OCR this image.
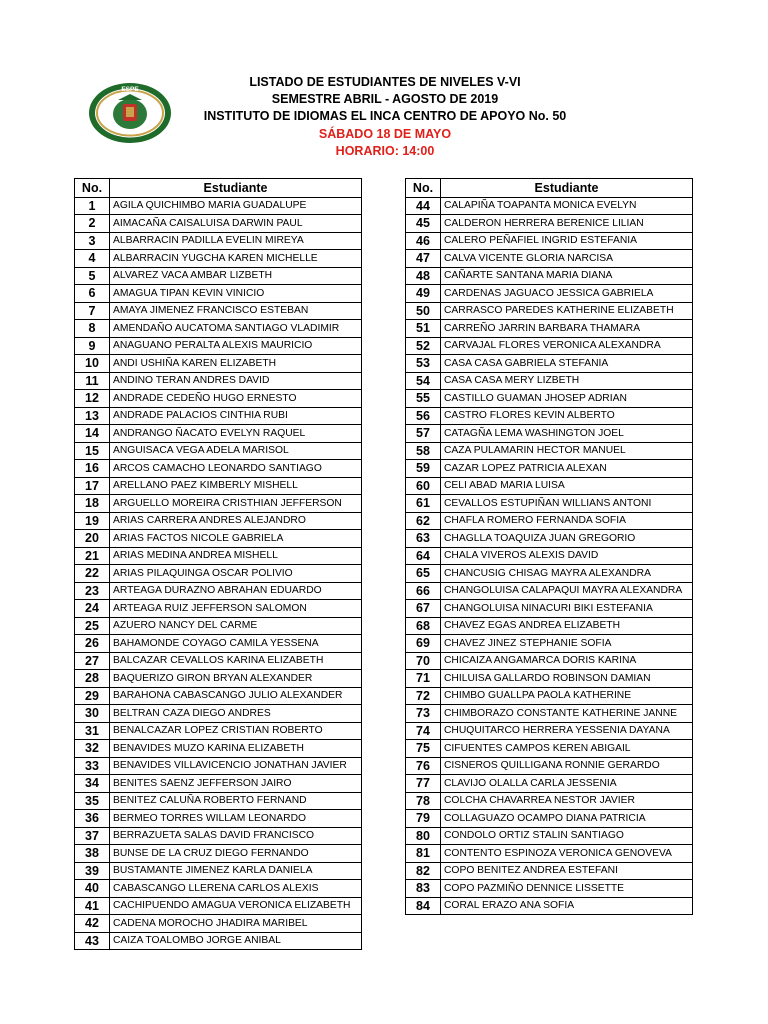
ESPE
LISTADO DE ESTUDIANTES DE NIVELES V-VI
SEMESTRE ABRIL - AGOSTO DE 2019
INSTITUTO DE IDIOMAS EL INCA CENTRO DE APOYO No. 50
SÁBADO 18 DE MAYO
HORARIO: 14:00
No.	Estudiante
1	AGILA QUICHIMBO MARIA GUADALUPE
2	AIMACAÑA CAISALUISA DARWIN PAUL
3	ALBARRACIN PADILLA EVELIN MIREYA
4	ALBARRACIN YUGCHA KAREN MICHELLE
5	ALVAREZ VACA AMBAR LIZBETH
6	AMAGUA TIPAN KEVIN VINICIO
7	AMAYA JIMENEZ FRANCISCO ESTEBAN
8	AMENDAÑO AUCATOMA SANTIAGO VLADIMIR
9	ANAGUANO PERALTA ALEXIS MAURICIO
10	ANDI USHIÑA KAREN ELIZABETH
11	ANDINO TERAN ANDRES DAVID
12	ANDRADE CEDEÑO HUGO ERNESTO
13	ANDRADE PALACIOS CINTHIA RUBI
14	ANDRANGO ÑACATO EVELYN RAQUEL
15	ANGUISACA VEGA ADELA MARISOL
16	ARCOS CAMACHO LEONARDO SANTIAGO
17	ARELLANO PAEZ KIMBERLY MISHELL
18	ARGUELLO MOREIRA CRISTHIAN JEFFERSON
19	ARIAS CARRERA ANDRES ALEJANDRO
20	ARIAS FACTOS NICOLE GABRIELA
21	ARIAS MEDINA ANDREA MISHELL
22	ARIAS PILAQUINGA OSCAR POLIVIO
23	ARTEAGA DURAZNO ABRAHAN EDUARDO
24	ARTEAGA RUIZ JEFFERSON SALOMON
25	AZUERO NANCY DEL CARME
26	BAHAMONDE COYAGO CAMILA YESSENA
27	BALCAZAR CEVALLOS KARINA ELIZABETH
28	BAQUERIZO GIRON BRYAN ALEXANDER
29	BARAHONA CABASCANGO JULIO ALEXANDER
30	BELTRAN CAZA DIEGO ANDRES
31	BENALCAZAR LOPEZ CRISTIAN ROBERTO
32	BENAVIDES MUZO KARINA ELIZABETH
33	BENAVIDES VILLAVICENCIO JONATHAN JAVIER
34	BENITES SAENZ JEFFERSON JAIRO
35	BENITEZ CALUÑA ROBERTO FERNAND
36	BERMEO TORRES WILLAM LEONARDO
37	BERRAZUETA SALAS DAVID FRANCISCO
38	BUNSE DE LA CRUZ DIEGO FERNANDO
39	BUSTAMANTE JIMENEZ KARLA DANIELA
40	CABASCANGO LLERENA CARLOS ALEXIS
41	CACHIPUENDO AMAGUA VERONICA ELIZABETH
42	CADENA MOROCHO JHADIRA MARIBEL
43	CAIZA TOALOMBO JORGE ANIBAL
No.	Estudiante
44	CALAPIÑA TOAPANTA MONICA EVELYN
45	CALDERON HERRERA BERENICE LILIAN
46	CALERO PEÑAFIEL INGRID ESTEFANIA
47	CALVA VICENTE GLORIA NARCISA
48	CAÑARTE SANTANA MARIA DIANA
49	CARDENAS JAGUACO JESSICA GABRIELA
50	CARRASCO PAREDES KATHERINE ELIZABETH
51	CARREÑO JARRIN BARBARA THAMARA
52	CARVAJAL FLORES VERONICA ALEXANDRA
53	CASA CASA GABRIELA STEFANIA
54	CASA CASA MERY LIZBETH
55	CASTILLO GUAMAN JHOSEP ADRIAN
56	CASTRO FLORES KEVIN ALBERTO
57	CATAGÑA LEMA WASHINGTON JOEL
58	CAZA PULAMARIN HECTOR MANUEL
59	CAZAR LOPEZ PATRICIA ALEXAN
60	CELI ABAD MARIA LUISA
61	CEVALLOS ESTUPIÑAN WILLIANS ANTONI
62	CHAFLA ROMERO FERNANDA SOFIA
63	CHAGLLA TOAQUIZA JUAN GREGORIO
64	CHALA VIVEROS ALEXIS DAVID
65	CHANCUSIG CHISAG MAYRA ALEXANDRA
66	CHANGOLUISA CALAPAQUI MAYRA ALEXANDRA
67	CHANGOLUISA NINACURI BIKI ESTEFANIA
68	CHAVEZ EGAS ANDREA ELIZABETH
69	CHAVEZ JINEZ STEPHANIE SOFIA
70	CHICAIZA ANGAMARCA DORIS KARINA
71	CHILUISA GALLARDO ROBINSON DAMIAN
72	CHIMBO GUALLPA PAOLA KATHERINE
73	CHIMBORAZO CONSTANTE KATHERINE JANNE
74	CHUQUITARCO HERRERA YESSENIA DAYANA
75	CIFUENTES CAMPOS KEREN ABIGAIL
76	CISNEROS QUILLIGANA RONNIE GERARDO
77	CLAVIJO OLALLA CARLA JESSENIA
78	COLCHA CHAVARREA NESTOR JAVIER
79	COLLAGUAZO OCAMPO DIANA PATRICIA
80	CONDOLO ORTIZ STALIN SANTIAGO
81	CONTENTO ESPINOZA VERONICA GENOVEVA
82	COPO BENITEZ ANDREA ESTEFANI
83	COPO PAZMIÑO DENNICE LISSETTE
84	CORAL ERAZO ANA SOFIA
